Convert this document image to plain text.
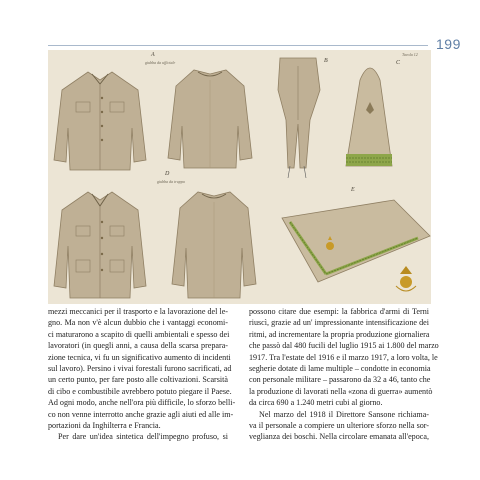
199
A
giubba da ufficiale	B	C
Tavola 12
D
giubba da truppa
E
mezzi meccanici per il trasporto e la lavorazione del le-
gno. Ma non v'è alcun dubbio che i vantaggi economi-
ci maturarono a scapito di quelli ambientali e spesso dei
lavoratori (in quegli anni, a causa della scarsa prepara-
zione tecnica, vi fu un significativo aumento di incidenti
sul lavoro). Persino i vivai forestali furono sacrificati, ad
un certo punto, per fare posto alle coltivazioni. Scarsità
di cibo e combustibile avrebbero potuto piegare il Paese.
Ad ogni modo, anche nell'ora più difficile, lo sforzo belli-
co non venne interrotto anche grazie agli aiuti ed alle im-
portazioni da Inghilterra e Francia.
Per dare un'idea sintetica dell'impegno profuso, si
possono citare due esempi: la fabbrica d'armi di Terni
riuscì, grazie ad un' impressionante intensificazione dei
ritmi, ad incrementare la propria produzione giornaliera
che passò dal 480 fucili del luglio 1915 ai 1.800 del marzo
1917. Tra l'estate del 1916 e il marzo 1917, a loro volta, le
segherie dotate di lame multiple – condotte in economia
con personale militare – passarono da 32 a 46, tanto che
la produzione di lavorati nella «zona di guerra» aumentò
da circa 690 a 1.240 metri cubi al giorno.
Nel marzo del 1918 il Direttore Sansone richiama-
va il personale a compiere un ulteriore sforzo nella sor-
veglianza dei boschi. Nella circolare emanata all'epoca,
